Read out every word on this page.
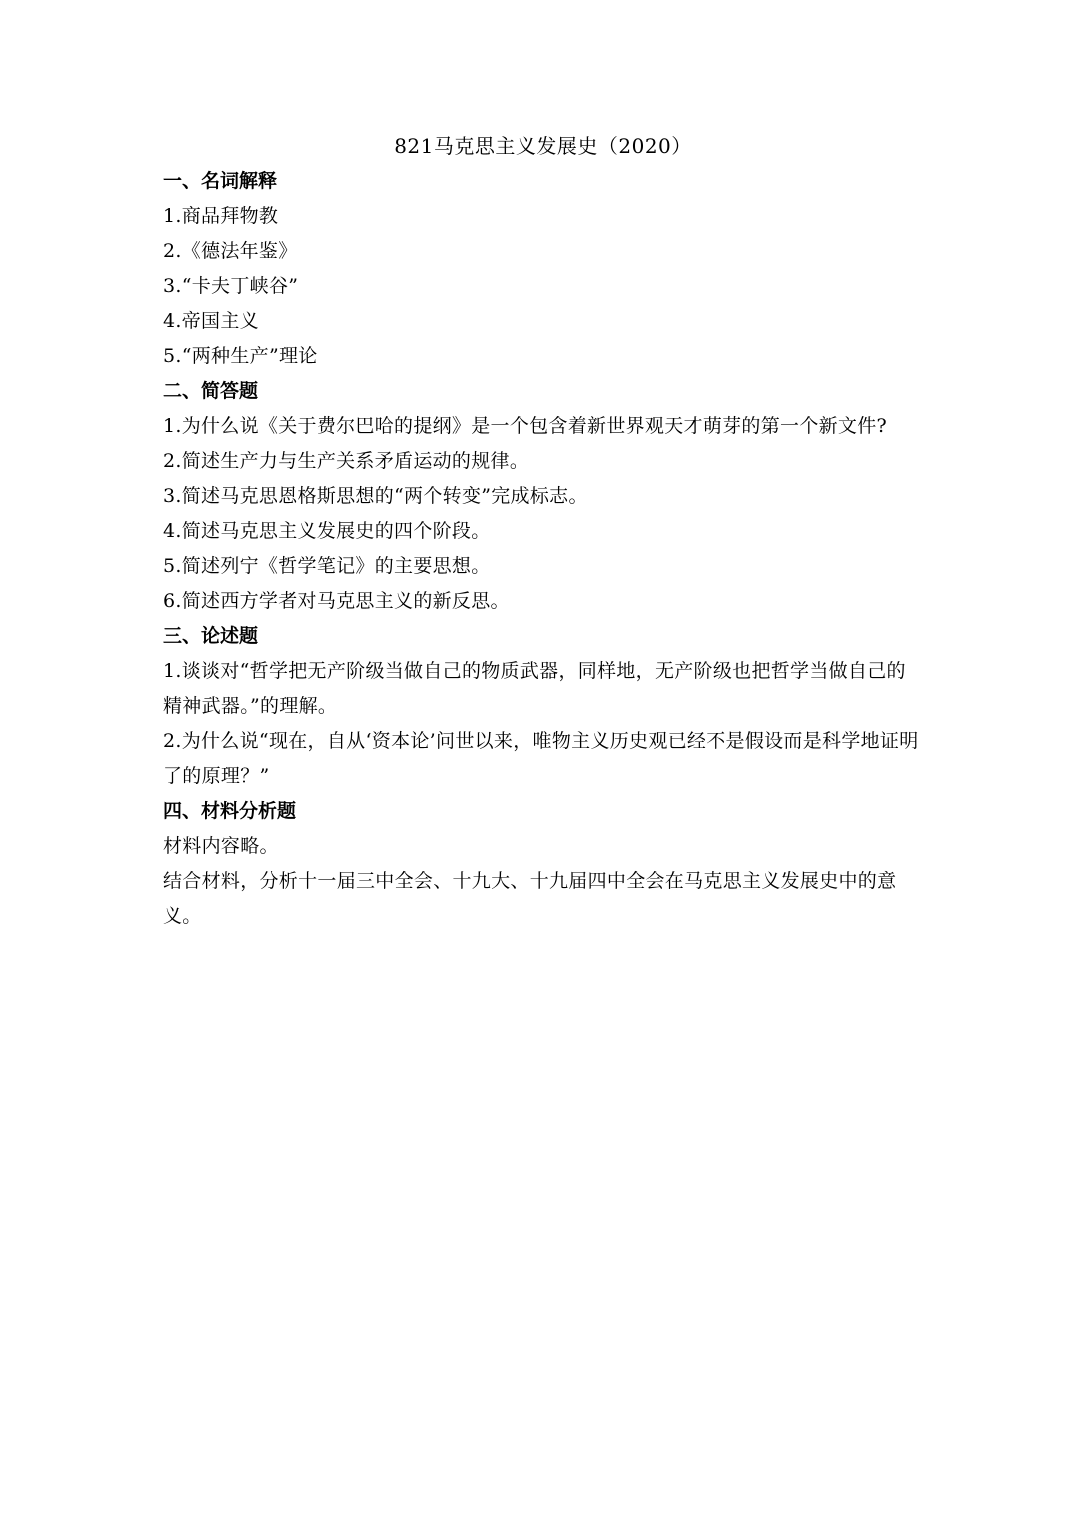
821马克思主义发展史（2020）
一、名词解释
1.商品拜物教
2.《德法年鉴》
3.“卡夫丁峡谷”
4.帝国主义
5.“两种生产”理论
二、简答题
1.为什么说《关于费尔巴哈的提纲》是一个包含着新世界观天才萌芽的第一个新文件?
2.简述生产力与生产关系矛盾运动的规律。
3.简述马克思恩格斯思想的“两个转变”完成标志。
4.简述马克思主义发展史的四个阶段。
5.简述列宁《哲学笔记》的主要思想。
6.简述西方学者对马克思主义的新反思。
三、论述题
1.谈谈对“哲学把无产阶级当做自己的物质武器，同样地，无产阶级也把哲学当做自己的精神武器。”的理解。
2.为什么说“现在，自从‘资本论’问世以来，唯物主义历史观已经不是假设而是科学地证明了的原理？”
四、材料分析题
材料内容略。
结合材料，分析十一届三中全会、十九大、十九届四中全会在马克思主义发展史中的意义。
